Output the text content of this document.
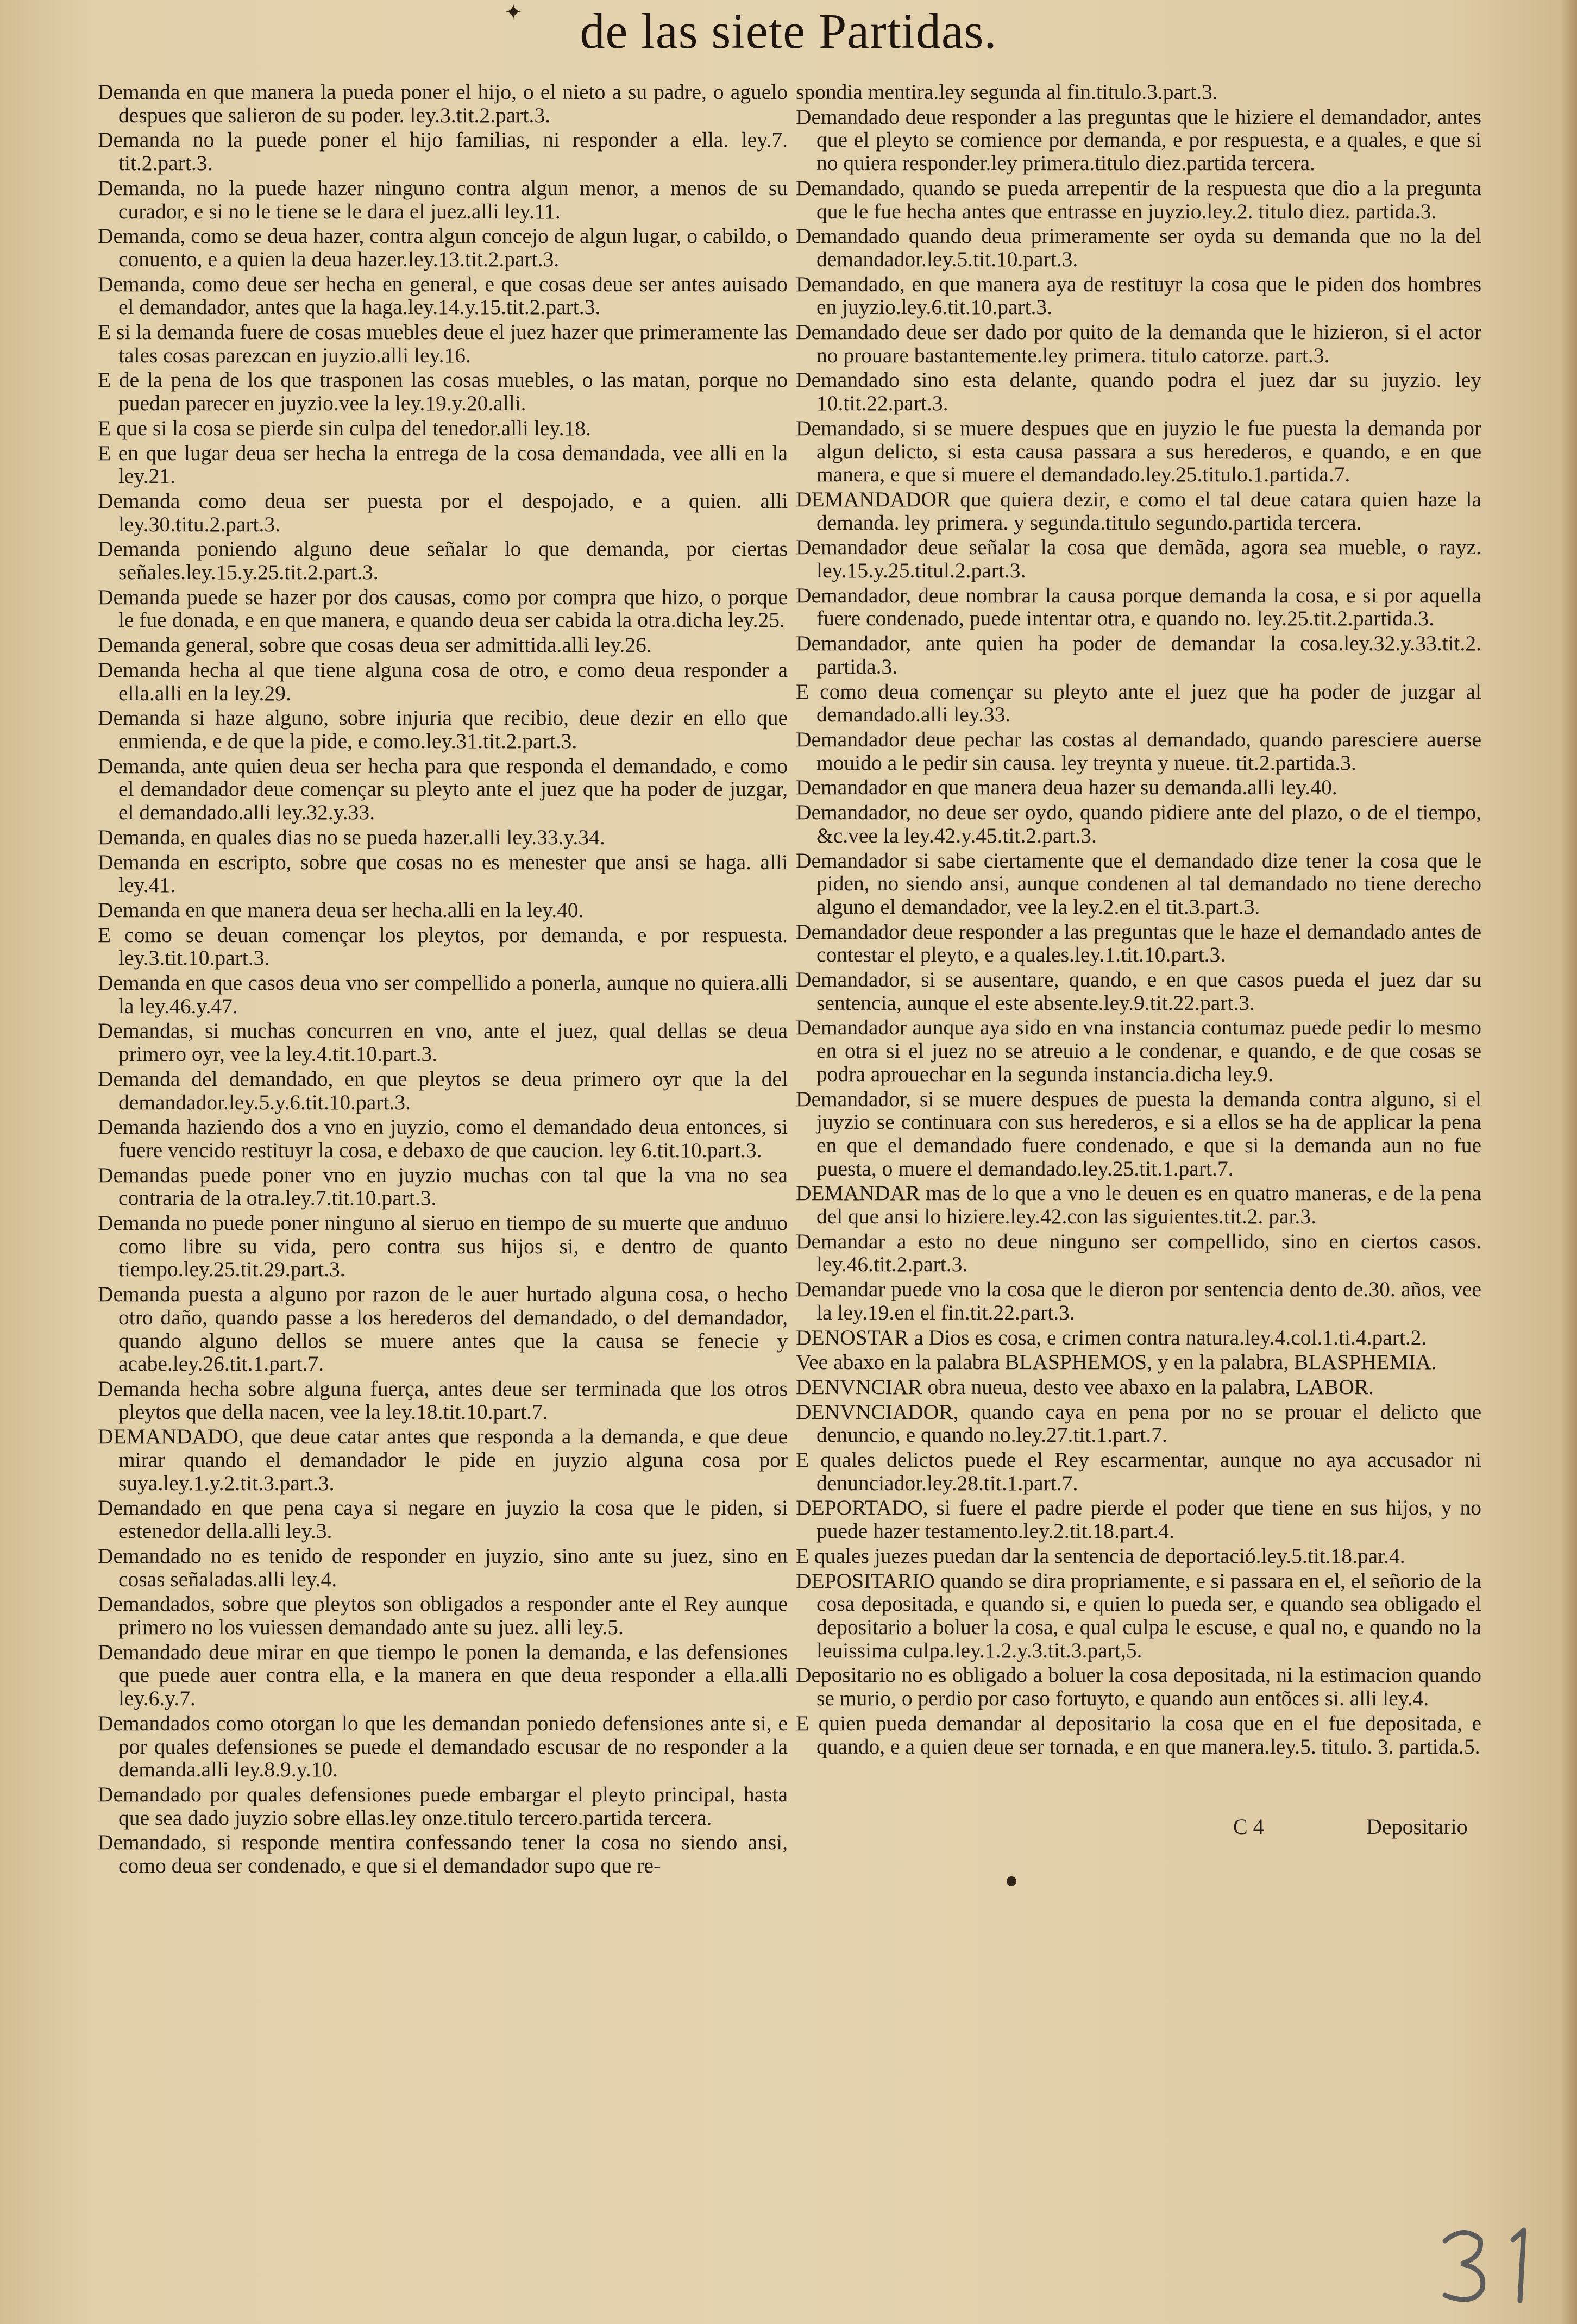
✦	de las siete Partidas.

Demanda en que manera la pueda poner el hijo, o el nieto a su padre, o aguelo despues que salieron de su poder. ley.3.tit.2.part.3.

Demanda no la puede poner el hijo familias, ni responder a ella. ley.7. tit.2.part.3.

Demanda, no la puede hazer ninguno contra algun menor, a menos de su curador, e si no le tiene se le dara el juez.alli ley.11.

Demanda, como se deua hazer, contra algun concejo de algun lugar, o cabildo, o conuento, e a quien la deua hazer.ley.13.tit.2.part.3.

Demanda, como deue ser hecha en general, e que cosas deue ser antes auisado el demandador, antes que la haga.ley.14.y.15.tit.2.part.3.

E si la demanda fuere de cosas muebles deue el juez hazer que primeramente las tales cosas parezcan en juyzio.alli ley.16.

E de la pena de los que trasponen las cosas muebles, o las matan, porque no puedan parecer en juyzio.vee la ley.19.y.20.alli.

E que si la cosa se pierde sin culpa del tenedor.alli ley.18.

E en que lugar deua ser hecha la entrega de la cosa demandada, vee alli en la ley.21.

Demanda como deua ser puesta por el despojado, e a quien. alli ley.30.titu.2.part.3.

Demanda poniendo alguno deue señalar lo que demanda, por ciertas señales.ley.15.y.25.tit.2.part.3.

Demanda puede se hazer por dos causas, como por compra que hizo, o porque le fue donada, e en que manera, e quando deua ser cabida la otra.dicha ley.25.

Demanda general, sobre que cosas deua ser admittida.alli ley.26.

Demanda hecha al que tiene alguna cosa de otro, e como deua responder a ella.alli en la ley.29.

Demanda si haze alguno, sobre injuria que recibio, deue dezir en ello que enmienda, e de que la pide, e como.ley.31.tit.2.part.3.

Demanda, ante quien deua ser hecha para que responda el demandado, e como el demandador deue començar su pleyto ante el juez que ha poder de juzgar, el demandado.alli ley.32.y.33.

Demanda, en quales dias no se pueda hazer.alli ley.33.y.34.

Demanda en escripto, sobre que cosas no es menester que ansi se haga. alli ley.41.

Demanda en que manera deua ser hecha.alli en la ley.40.

E como se deuan començar los pleytos, por demanda, e por respuesta. ley.3.tit.10.part.3.

Demanda en que casos deua vno ser compellido a ponerla, aunque no quiera.alli la ley.46.y.47.

Demandas, si muchas concurren en vno, ante el juez, qual dellas se deua primero oyr, vee la ley.4.tit.10.part.3.

Demanda del demandado, en que pleytos se deua primero oyr que la del demandador.ley.5.y.6.tit.10.part.3.

Demanda haziendo dos a vno en juyzio, como el demandado deua entonces, si fuere vencido restituyr la cosa, e debaxo de que caucion. ley 6.tit.10.part.3.

Demandas puede poner vno en juyzio muchas con tal que la vna no sea contraria de la otra.ley.7.tit.10.part.3.

Demanda no puede poner ninguno al sieruo en tiempo de su muerte que anduuo como libre su vida, pero contra sus hijos si, e dentro de quanto tiempo.ley.25.tit.29.part.3.

Demanda puesta a alguno por razon de le auer hurtado alguna cosa, o hecho otro daño, quando passe a los herederos del demandado, o del demandador, quando alguno dellos se muere antes que la causa se fenecie y acabe.ley.26.tit.1.part.7.

Demanda hecha sobre alguna fuerça, antes deue ser terminada que los otros pleytos que della nacen, vee la ley.18.tit.10.part.7.

DEMANDADO, que deue catar antes que responda a la demanda, e que deue mirar quando el demandador le pide en juyzio alguna cosa por suya.ley.1.y.2.tit.3.part.3.

Demandado en que pena caya si negare en juyzio la cosa que le piden, si estenedor della.alli ley.3.

Demandado no es tenido de responder en juyzio, sino ante su juez, sino en cosas señaladas.alli ley.4.

Demandados, sobre que pleytos son obligados a responder ante el Rey aunque primero no los vuiessen demandado ante su juez. alli ley.5.

Demandado deue mirar en que tiempo le ponen la demanda, e las defensiones que puede auer contra ella, e la manera en que deua responder a ella.alli ley.6.y.7.

Demandados como otorgan lo que les demandan poniedo defensiones ante si, e por quales defensiones se puede el demandado escusar de no responder a la demanda.alli ley.8.9.y.10.

Demandado por quales defensiones puede embargar el pleyto principal, hasta que sea dado juyzio sobre ellas.ley onze.titulo tercero.partida tercera.

Demandado, si responde mentira confessando tener la cosa no siendo ansi, como deua ser condenado, e que si el demandador supo que re-

spondia mentira.ley segunda al fin.titulo.3.part.3.

Demandado deue responder a las preguntas que le hiziere el demandador, antes que el pleyto se comience por demanda, e por respuesta, e a quales, e que si no quiera responder.ley primera.titulo diez.partida tercera.

Demandado, quando se pueda arrepentir de la respuesta que dio a la pregunta que le fue hecha antes que entrasse en juyzio.ley.2. titulo diez. partida.3.

Demandado quando deua primeramente ser oyda su demanda que no la del demandador.ley.5.tit.10.part.3.

Demandado, en que manera aya de restituyr la cosa que le piden dos hombres en juyzio.ley.6.tit.10.part.3.

Demandado deue ser dado por quito de la demanda que le hizieron, si el actor no prouare bastantemente.ley primera. titulo catorze. part.3.

Demandado sino esta delante, quando podra el juez dar su juyzio. ley 10.tit.22.part.3.

Demandado, si se muere despues que en juyzio le fue puesta la demanda por algun delicto, si esta causa passara a sus herederos, e quando, e en que manera, e que si muere el demandado.ley.25.titulo.1.partida.7.

DEMANDADOR que quiera dezir, e como el tal deue catara quien haze la demanda. ley primera. y segunda.titulo segundo.partida tercera.

Demandador deue señalar la cosa que demãda, agora sea mueble, o rayz. ley.15.y.25.titul.2.part.3.

Demandador, deue nombrar la causa porque demanda la cosa, e si por aquella fuere condenado, puede intentar otra, e quando no. ley.25.tit.2.partida.3.

Demandador, ante quien ha poder de demandar la cosa.ley.32.y.33.tit.2. partida.3.

E como deua començar su pleyto ante el juez que ha poder de juzgar al demandado.alli ley.33.

Demandador deue pechar las costas al demandado, quando paresciere auerse mouido a le pedir sin causa. ley treynta y nueue. tit.2.partida.3.

Demandador en que manera deua hazer su demanda.alli ley.40.

Demandador, no deue ser oydo, quando pidiere ante del plazo, o de el tiempo, &c.vee la ley.42.y.45.tit.2.part.3.

Demandador si sabe ciertamente que el demandado dize tener la cosa que le piden, no siendo ansi, aunque condenen al tal demandado no tiene derecho alguno el demandador, vee la ley.2.en el tit.3.part.3.

Demandador deue responder a las preguntas que le haze el demandado antes de contestar el pleyto, e a quales.ley.1.tit.10.part.3.

Demandador, si se ausentare, quando, e en que casos pueda el juez dar su sentencia, aunque el este absente.ley.9.tit.22.part.3.

Demandador aunque aya sido en vna instancia contumaz puede pedir lo mesmo en otra si el juez no se atreuio a le condenar, e quando, e de que cosas se podra aprouechar en la segunda instancia.dicha ley.9.

Demandador, si se muere despues de puesta la demanda contra alguno, si el juyzio se continuara con sus herederos, e si a ellos se ha de applicar la pena en que el demandado fuere condenado, e que si la demanda aun no fue puesta, o muere el demandado.ley.25.tit.1.part.7.

DEMANDAR mas de lo que a vno le deuen es en quatro maneras, e de la pena del que ansi lo hiziere.ley.42.con las siguientes.tit.2. par.3.

Demandar a esto no deue ninguno ser compellido, sino en ciertos casos. ley.46.tit.2.part.3.

Demandar puede vno la cosa que le dieron por sentencia dento de.30. años, vee la ley.19.en el fin.tit.22.part.3.

DENOSTAR a Dios es cosa, e crimen contra natura.ley.4.col.1.ti.4.part.2.

Vee abaxo en la palabra BLASPHEMOS, y en la palabra, BLASPHEMIA.

DENVNCIAR obra nueua, desto vee abaxo en la palabra, LABOR.

DENVNCIADOR, quando caya en pena por no se prouar el delicto que denuncio, e quando no.ley.27.tit.1.part.7.

E quales delictos puede el Rey escarmentar, aunque no aya accusador ni denunciador.ley.28.tit.1.part.7.

DEPORTADO, si fuere el padre pierde el poder que tiene en sus hijos, y no puede hazer testamento.ley.2.tit.18.part.4.

E quales juezes puedan dar la sentencia de deportació.ley.5.tit.18.par.4.

DEPOSITARIO quando se dira propriamente, e si passara en el, el señorio de la cosa depositada, e quando si, e quien lo pueda ser, e quando sea obligado el depositario a boluer la cosa, e qual culpa le escuse, e qual no, e quando no la leuissima culpa.ley.1.2.y.3.tit.3.part,5.

Depositario no es obligado a boluer la cosa depositada, ni la estimacion quando se murio, o perdio por caso fortuyto, e quando aun entõces si. alli ley.4.

E quien pueda demandar al depositario la cosa que en el fue depositada, e quando, e a quien deue ser tornada, e en que manera.ley.5. titulo. 3. partida.5.

C 4	Depositario
